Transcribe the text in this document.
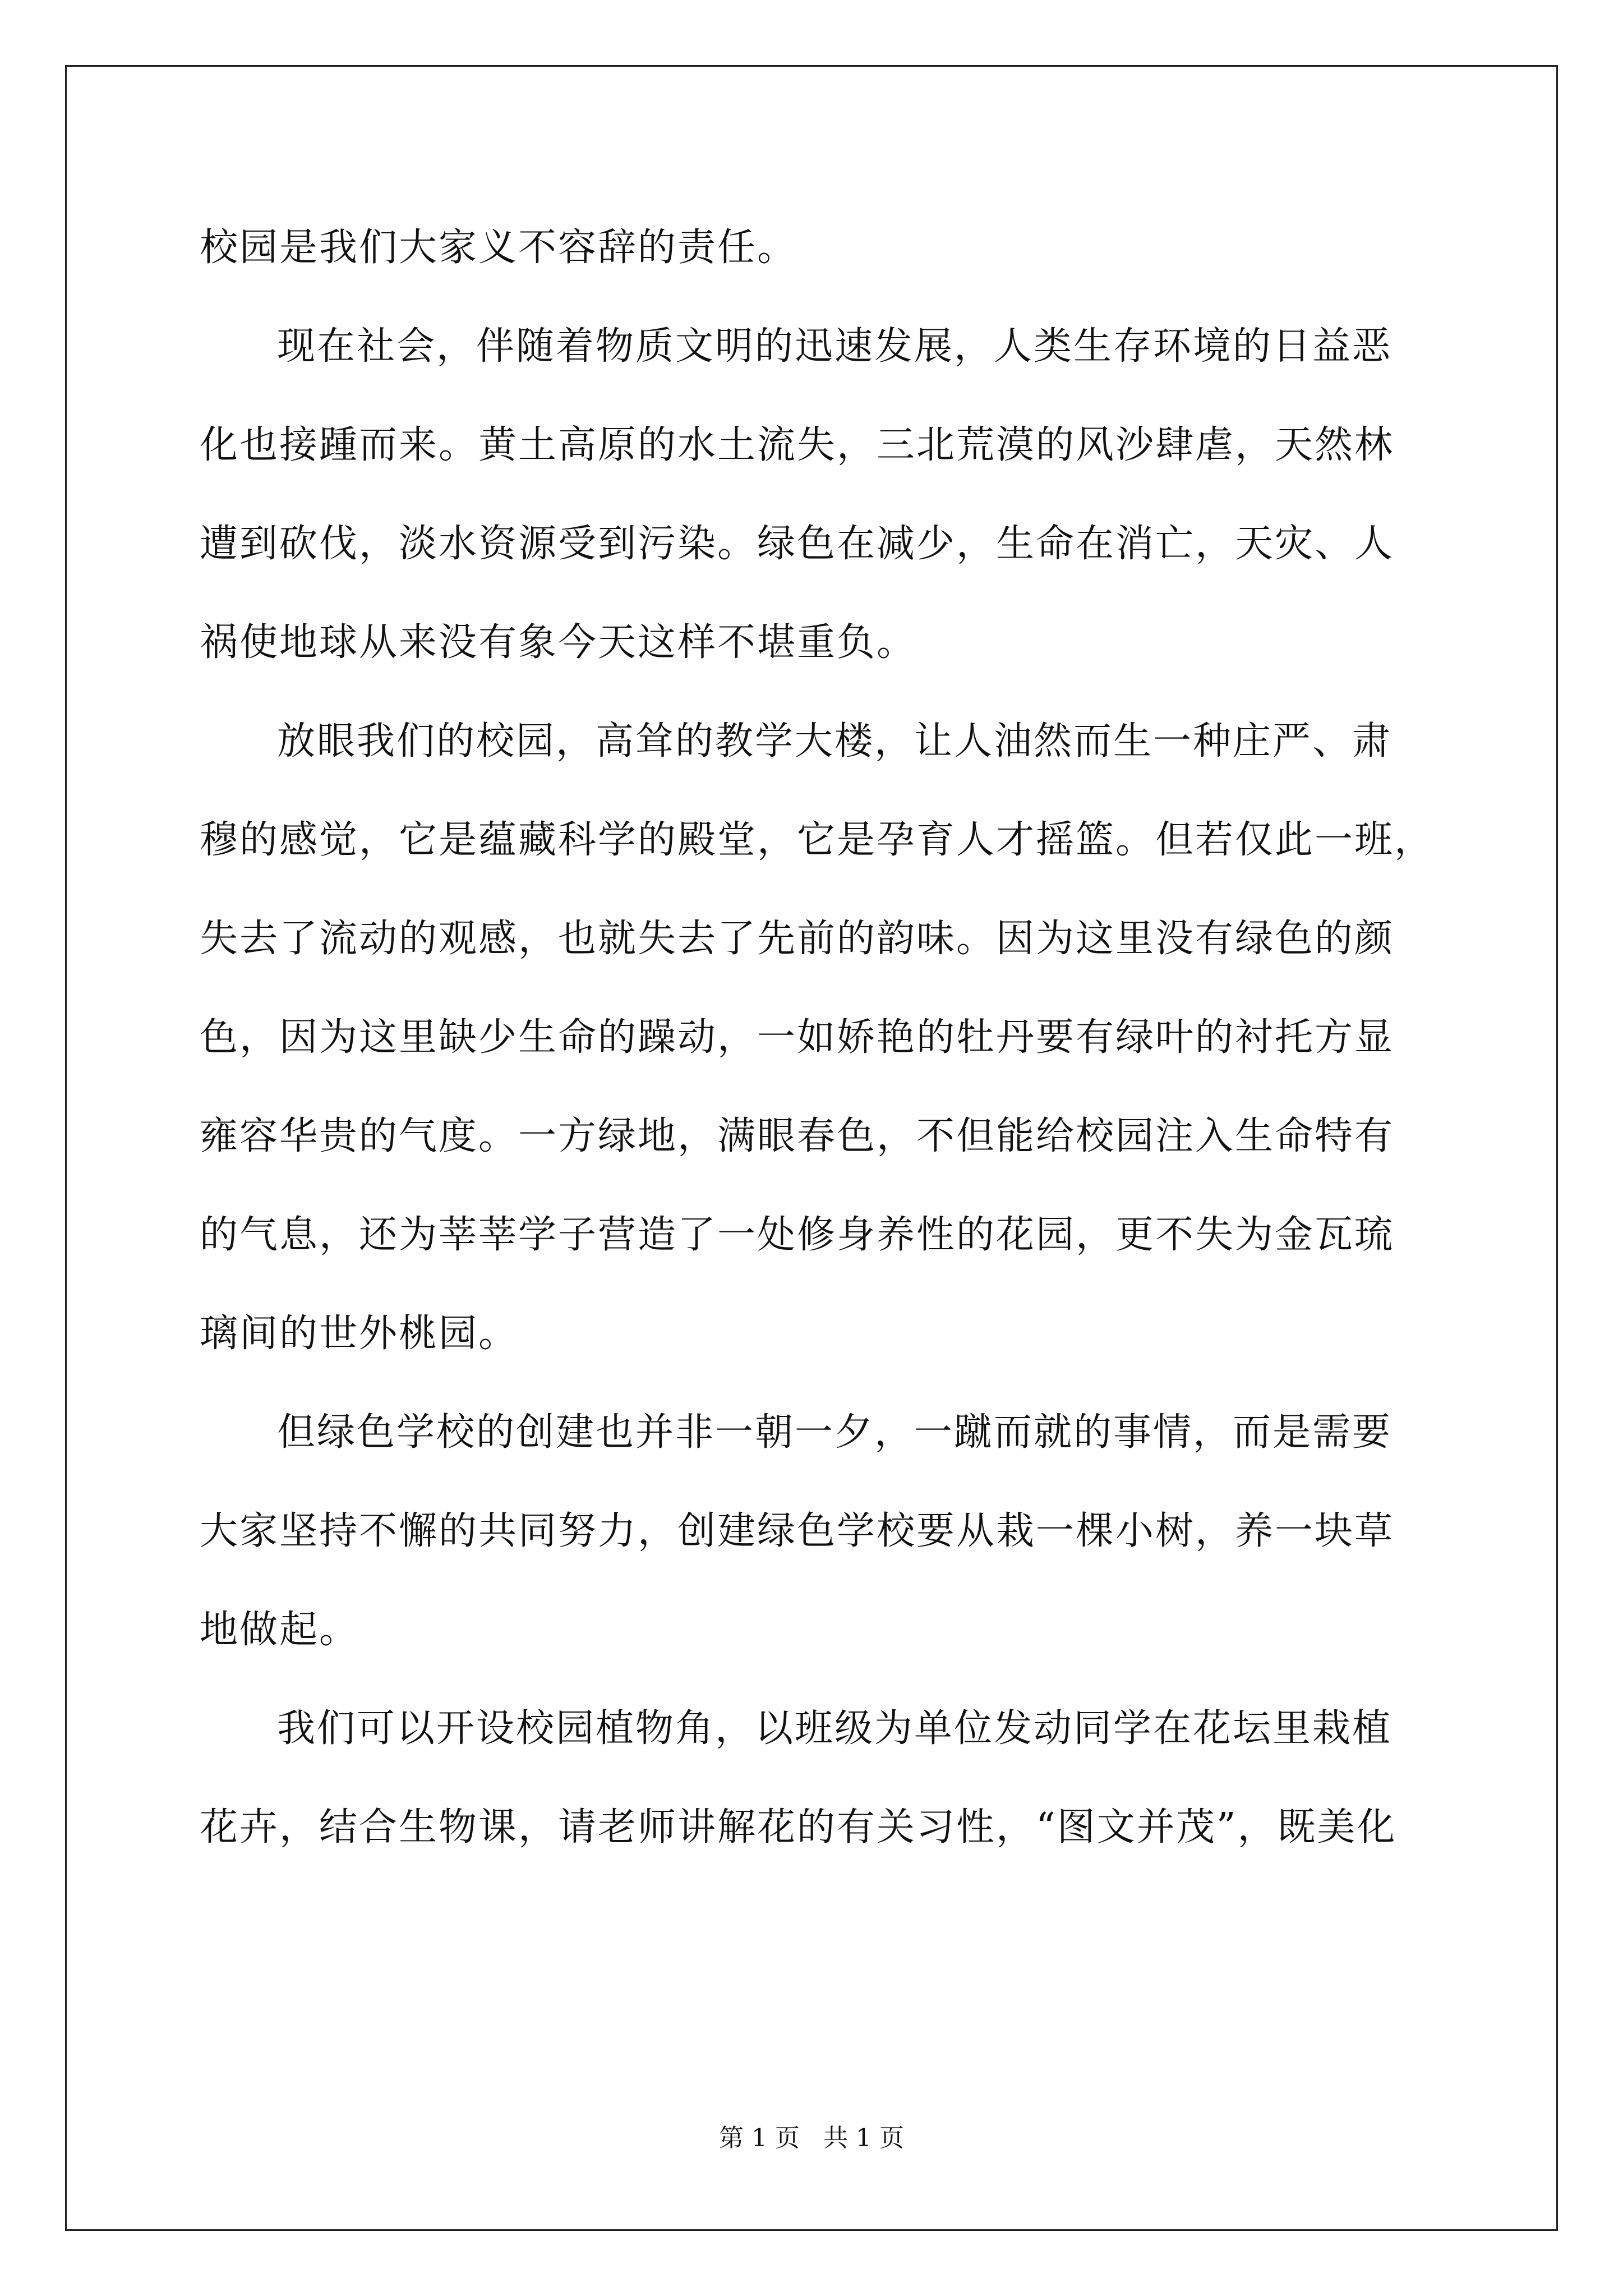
校园是我们大家义不容辞的责任。
现在社会，伴随着物质文明的迅速发展，人类生存环境的日益恶
化也接踵而来。黄土高原的水土流失，三北荒漠的风沙肆虐，天然林
遭到砍伐，淡水资源受到污染。绿色在减少，生命在消亡，天灾、人
祸使地球从来没有象今天这样不堪重负。
放眼我们的校园，高耸的教学大楼，让人油然而生一种庄严、肃
穆的感觉，它是蕴藏科学的殿堂，它是孕育人才摇篮。但若仅此一班，
失去了流动的观感，也就失去了先前的韵味。因为这里没有绿色的颜
色，因为这里缺少生命的躁动，一如娇艳的牡丹要有绿叶的衬托方显
雍容华贵的气度。一方绿地，满眼春色，不但能给校园注入生命特有
的气息，还为莘莘学子营造了一处修身养性的花园，更不失为金瓦琉
璃间的世外桃园。
但绿色学校的创建也并非一朝一夕，一蹴而就的事情，而是需要
大家坚持不懈的共同努力，创建绿色学校要从栽一棵小树，养一块草
地做起。
我们可以开设校园植物角，以班级为单位发动同学在花坛里栽植
花卉，结合生物课，请老师讲解花的有关习性，“图文并茂”，既美化
第 1 页   共 1 页
